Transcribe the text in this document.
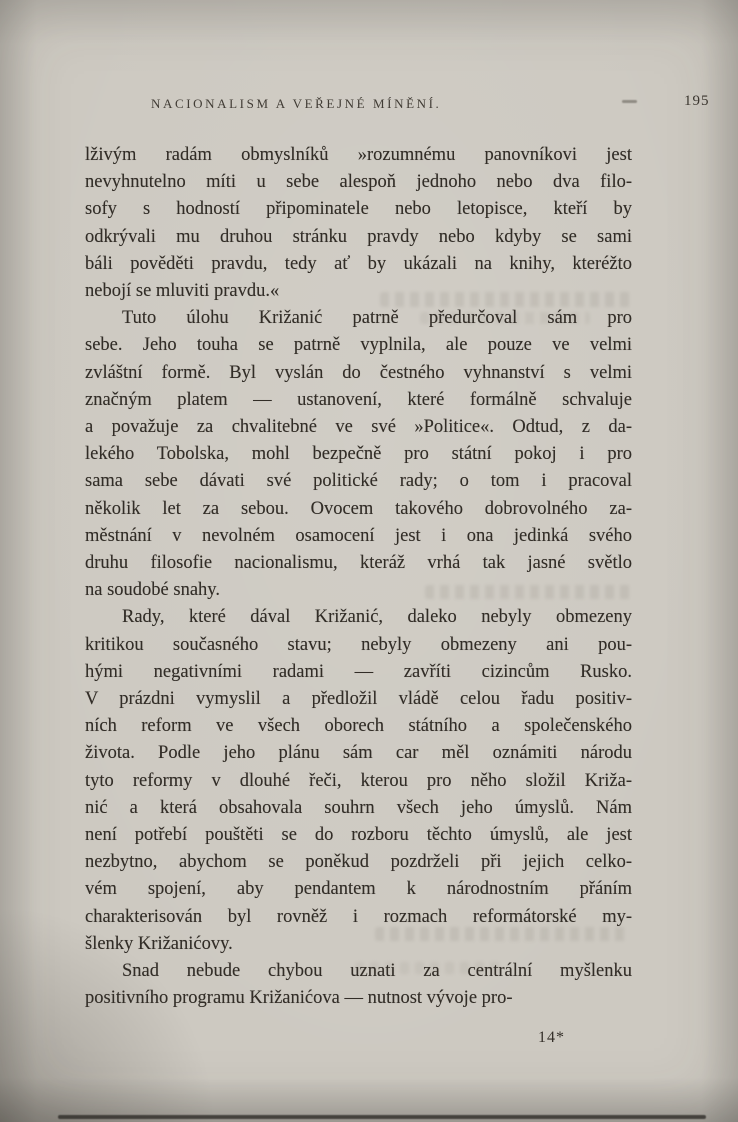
NACIONALISM A VEŘEJNÉ MÍNĚNÍ.	195
lživým radám obmyslníků »rozumnému panovníkovi jest
nevyhnutelno míti u sebe alespoň jednoho nebo dva filo-
sofy s hodností připominatele nebo letopisce, kteří by
odkrývali mu druhou stránku pravdy nebo kdyby se sami
báli pověděti pravdu, tedy ať by ukázali na knihy, kteréžto
nebojí se mluviti pravdu.«
Tuto úlohu Križanić patrně předurčoval sám pro
sebe. Jeho touha se patrně vyplnila, ale pouze ve velmi
zvláštní formě. Byl vyslán do čestného vyhnanství s velmi
značným platem — ustanovení, které formálně schvaluje
a považuje za chvalitebné ve své »Politice«. Odtud, z da-
lekého Tobolska, mohl bezpečně pro státní pokoj i pro
sama sebe dávati své politické rady; o tom i pracoval
několik let za sebou. Ovocem takového dobrovolného za-
městnání v nevolném osamocení jest i ona jedinká svého
druhu filosofie nacionalismu, kteráž vrhá tak jasné světlo
na soudobé snahy.
Rady, které dával Križanić, daleko nebyly obmezeny
kritikou současného stavu; nebyly obmezeny ani pou-
hými negativními radami — zavříti cizincům Rusko.
V prázdni vymyslil a předložil vládě celou řadu positiv-
ních reform ve všech oborech státního a společenského
života. Podle jeho plánu sám car měl oznámiti národu
tyto reformy v dlouhé řeči, kterou pro něho složil Križa-
nić a která obsahovala souhrn všech jeho úmyslů. Nám
není potřebí pouštěti se do rozboru těchto úmyslů, ale jest
nezbytno, abychom se poněkud pozdrželi při jejich celko-
vém spojení, aby pendantem k národnostním přáním
charakterisován byl rovněž i rozmach reformátorské my-
šlenky Križanićovy.
Snad nebude chybou uznati za centrální myšlenku
positivního programu Križanićova — nutnost vývoje pro-
14*
